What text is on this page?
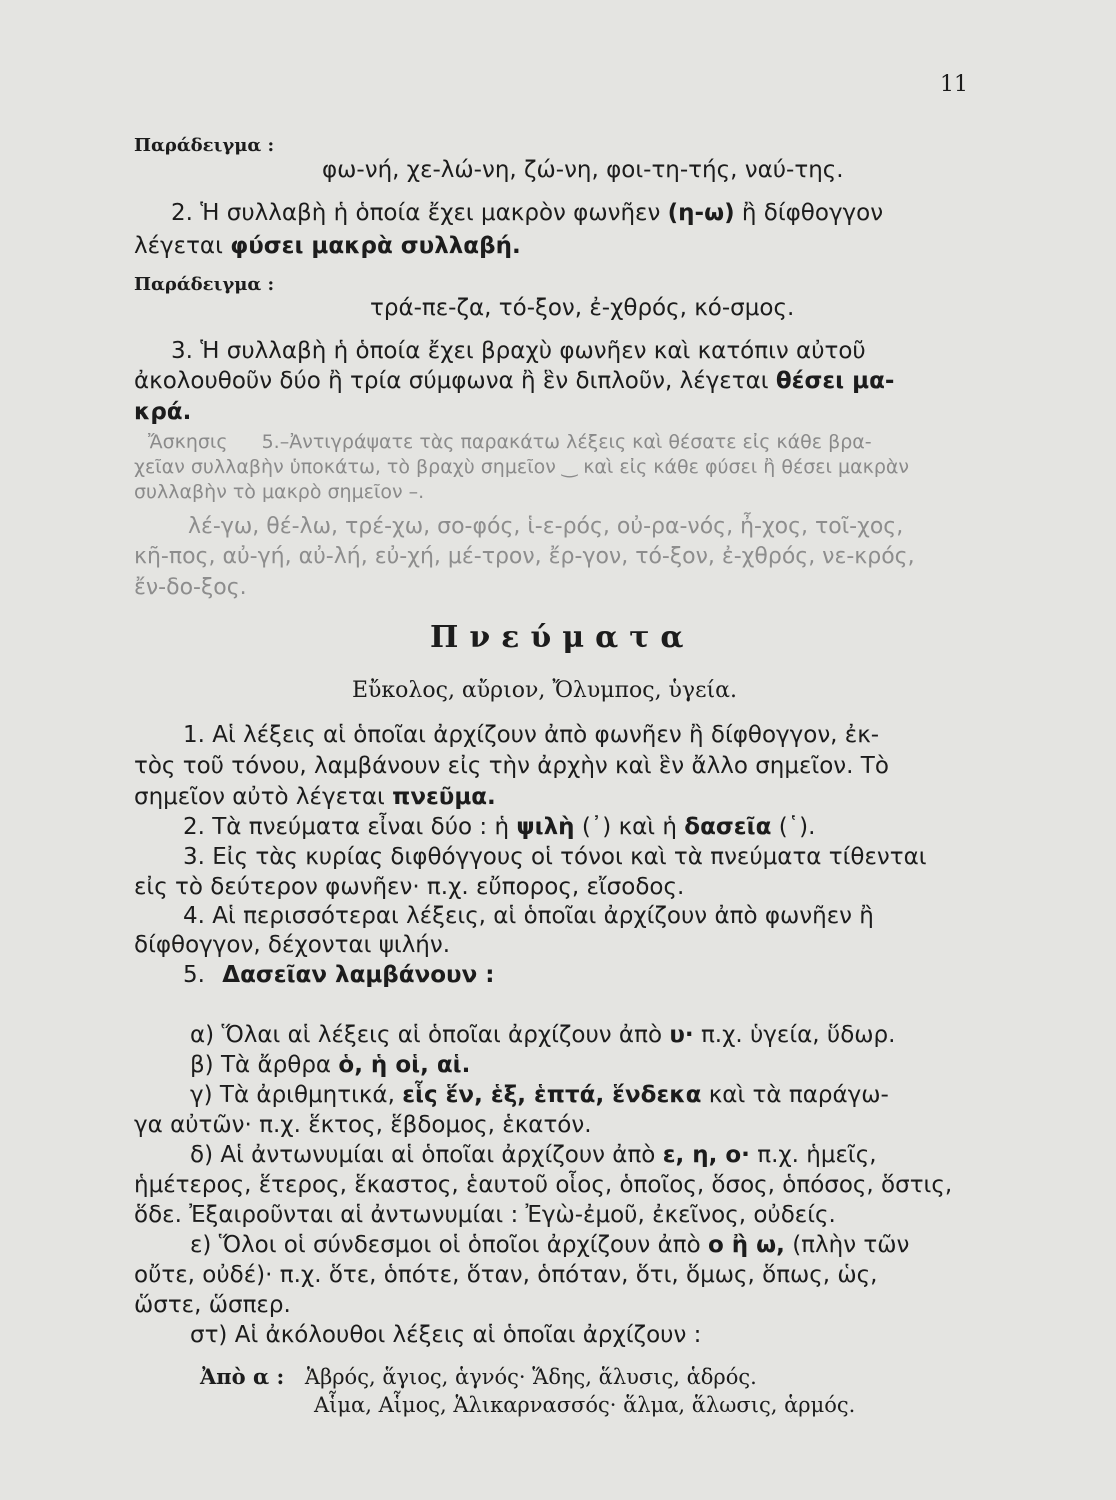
11
Παράδειγμα :
φω-νή, χε-λώ-νη, ζώ-νη, φοι-τη-τής, ναύ-της.
2. Ἡ συλλαβὴ ἡ ὁποία ἔχει μακρὸν φωνῆεν (η-ω) ἢ δίφθογγον
λέγεται φύσει μακρὰ συλλαβή.
Παράδειγμα :
τρά-πε-ζα, τό-ξον, ἐ-χθρός, κό-σμος.
3. Ἡ συλλαβὴ ἡ ὁποία ἔχει βραχὺ φωνῆεν καὶ κατόπιν αὐτοῦ
ἀκολουθοῦν δύο ἢ τρία σύμφωνα ἢ ἓν διπλοῦν, λέγεται θέσει μα-
κρά.
Ἄσκησις 5.–Ἀντιγράψατε τὰς παρακάτω λέξεις καὶ θέσατε εἰς κάθε βρα-
χεῖαν συλλαβὴν ὑποκάτω, τὸ βραχὺ σημεῖον ‿ καὶ εἰς κάθε φύσει ἢ θέσει μακρὰν
συλλαβὴν τὸ μακρὸ σημεῖον –.
λέ-γω, θέ-λω, τρέ-χω, σο-φός, ἱ-ε-ρός, οὐ-ρα-νός, ἦ-χος, τοῖ-χος,
κῆ-πος, αὐ-γή, αὐ-λή, εὐ-χή, μέ-τρον, ἔρ-γον, τό-ξον, ἐ-χθρός, νε-κρός,
ἔν-δο-ξος.
Πνεύματα
Εὔκολος, αὔριον, Ὄλυμπος, ὑγεία.
1. Αἱ λέξεις αἱ ὁποῖαι ἀρχίζουν ἀπὸ φωνῆεν ἢ δίφθογγον, ἐκ-
τὸς τοῦ τόνου, λαμβάνουν εἰς τὴν ἀρχὴν καὶ ἓν ἄλλο σημεῖον. Τὸ
σημεῖον αὐτὸ λέγεται πνεῦμα.
2. Τὰ πνεύματα εἶναι δύο : ἡ ψιλὴ (᾿) καὶ ἡ δασεῖα (῾).
3. Εἰς τὰς κυρίας διφθόγγους οἱ τόνοι καὶ τὰ πνεύματα τίθενται
εἰς τὸ δεύτερον φωνῆεν· π.χ. εὔπορος, εἴσοδος.
4. Αἱ περισσότεραι λέξεις, αἱ ὁποῖαι ἀρχίζουν ἀπὸ φωνῆεν ἢ
δίφθογγον, δέχονται ψιλήν.
5. Δασεῖαν λαμβάνουν :
α) Ὅλαι αἱ λέξεις αἱ ὁποῖαι ἀρχίζουν ἀπὸ υ· π.χ. ὑγεία, ὕδωρ.
β) Τὰ ἄρθρα ὁ, ἡ οἱ, αἱ.
γ) Τὰ ἀριθμητικά, εἷς ἕν, ἑξ, ἑπτά, ἕνδεκα καὶ τὰ παράγω-
γα αὐτῶν· π.χ. ἕκτος, ἕβδομος, ἑκατόν.
δ) Αἱ ἀντωνυμίαι αἱ ὁποῖαι ἀρχίζουν ἀπὸ ε, η, ο· π.χ. ἡμεῖς,
ἡμέτερος, ἕτερος, ἕκαστος, ἑαυτοῦ οἷος, ὁποῖος, ὅσος, ὁπόσος, ὅστις,
ὅδε. Ἐξαιροῦνται αἱ ἀντωνυμίαι : Ἐγὼ-ἐμοῦ, ἐκεῖνος, οὐδείς.
ε) Ὅλοι οἱ σύνδεσμοι οἱ ὁποῖοι ἀρχίζουν ἀπὸ ο ἢ ω, (πλὴν τῶν
οὔτε, οὐδέ)· π.χ. ὅτε, ὁπότε, ὅταν, ὁπόταν, ὅτι, ὅμως, ὅπως, ὡς,
ὥστε, ὥσπερ.
στ) Αἱ ἀκόλουθοι λέξεις αἱ ὁποῖαι ἀρχίζουν :
Ἀπὸ α : Ἁβρός, ἅγιος, ἁγνός· Ἅδης, ἅλυσις, ἁδρός.
Αἷμα, Αἷμος, Ἁλικαρνασσός· ἅλμα, ἅλωσις, ἁρμός.
